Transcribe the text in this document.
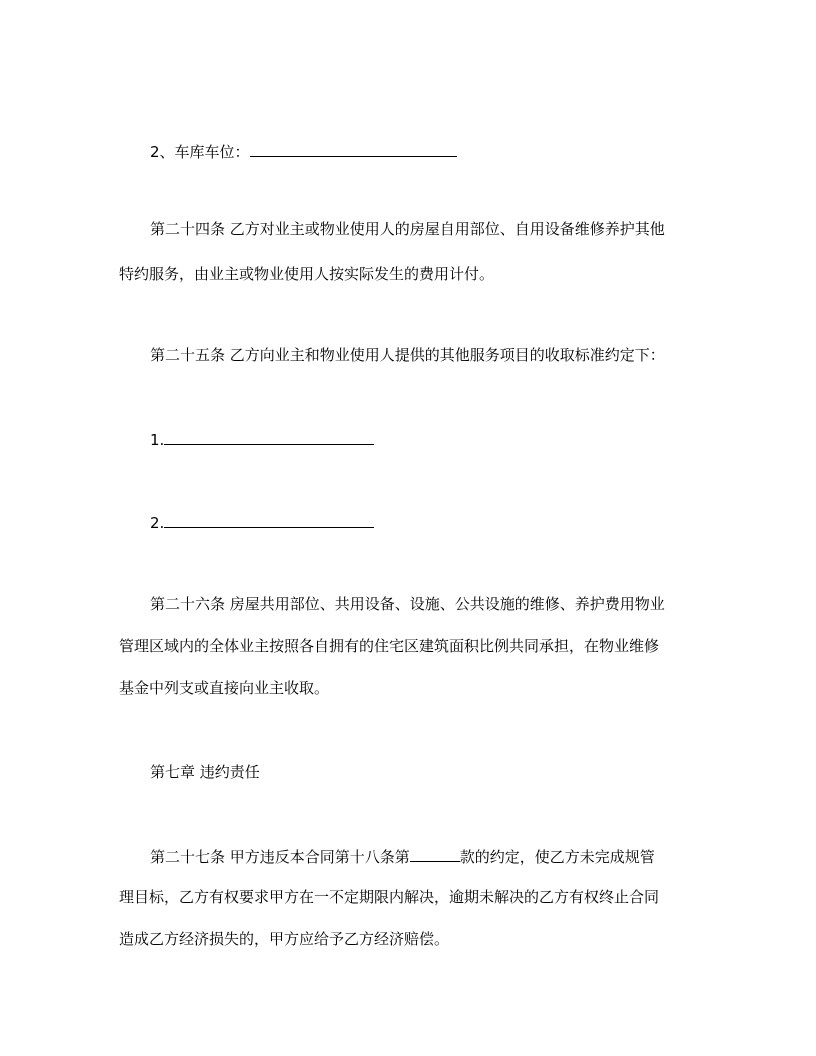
2、车库车位：
第二十四条 乙方对业主或物业使用人的房屋自用部位、自用设备维修养护其他
特约服务，由业主或物业使用人按实际发生的费用计付。
第二十五条 乙方向业主和物业使用人提供的其他服务项目的收取标准约定下：
1.
2.
第二十六条 房屋共用部位、共用设备、设施、公共设施的维修、养护费用物业
管理区域内的全体业主按照各自拥有的住宅区建筑面积比例共同承担，在物业维修
基金中列支或直接向业主收取。
第七章 违约责任
第二十七条 甲方违反本合同第十八条第	款的约定，使乙方未完成规管
理目标，乙方有权要求甲方在一不定期限内解决，逾期未解决的乙方有权终止合同
造成乙方经济损失的，甲方应给予乙方经济赔偿。
